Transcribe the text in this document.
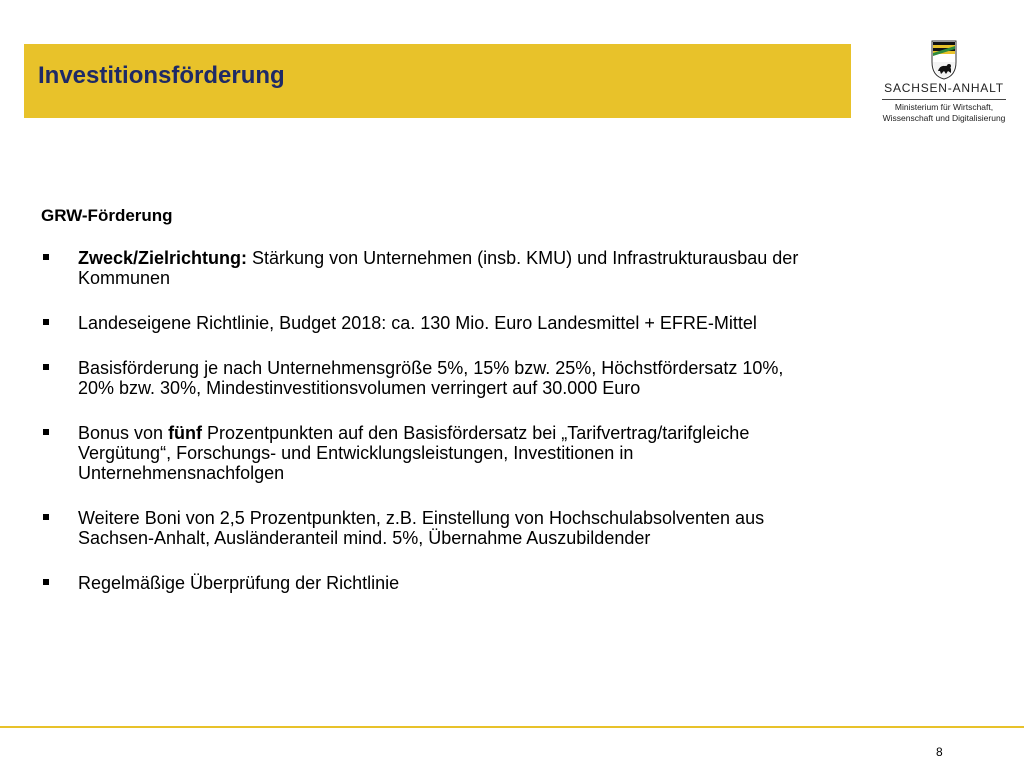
Investitionsförderung	SACHSEN-ANHALT
Ministerium für Wirtschaft,
Wissenschaft und Digitalisierung
GRW-Förderung
Zweck/Zielrichtung: Stärkung von Unternehmen (insb. KMU) und Infrastrukturausbau der Kommunen
Landeseigene Richtlinie, Budget 2018: ca. 130 Mio. Euro Landesmittel + EFRE-Mittel
Basisförderung je nach Unternehmensgröße 5%, 15% bzw. 25%, Höchstfördersatz 10%, 20% bzw. 30%, Mindestinvestitionsvolumen verringert auf 30.000 Euro
Bonus von fünf Prozentpunkten auf den Basisfördersatz bei „Tarifvertrag/tarifgleiche Vergütung“, Forschungs- und Entwicklungsleistungen, Investitionen in Unternehmensnachfolgen
Weitere Boni von 2,5 Prozentpunkten, z.B. Einstellung von Hochschulabsolventen aus Sachsen-Anhalt, Ausländeranteil mind. 5%, Übernahme Auszubildender
Regelmäßige Überprüfung der Richtlinie
8
